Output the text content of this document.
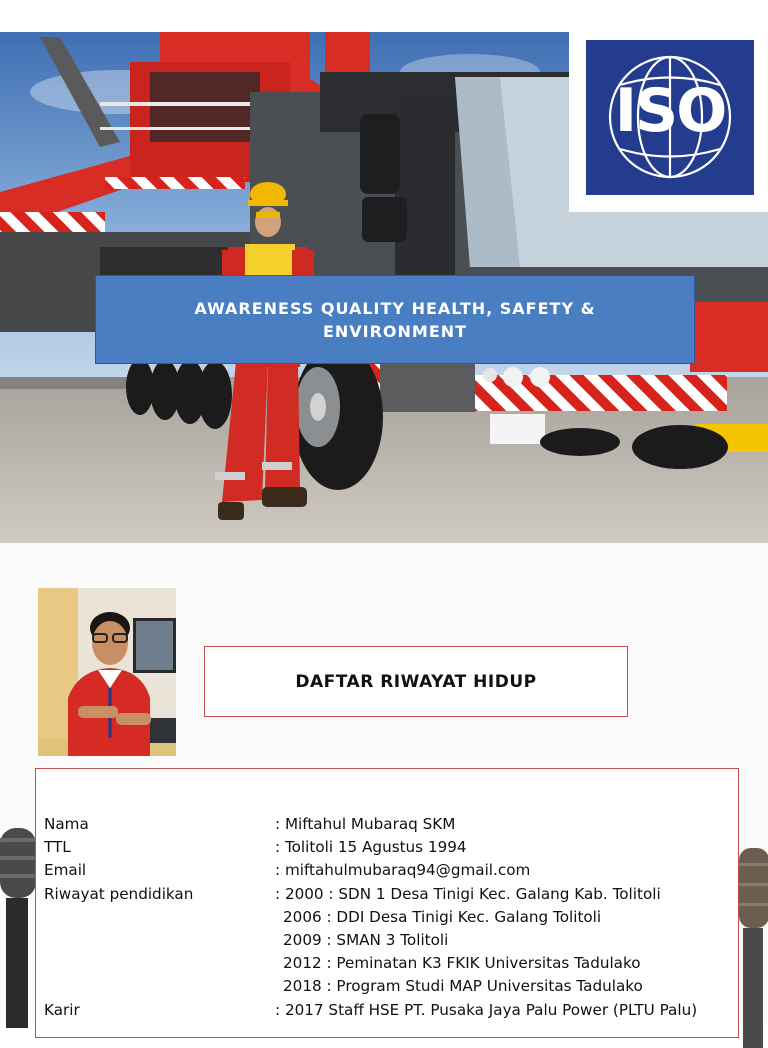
ISO
AWARENESS QUALITY HEALTH, SAFETY & ENVIRONMENT
DAFTAR RIWAYAT HIDUP
Nama	: Miftahul Mubaraq SKM
TTL	: Tolitoli 15 Agustus 1994
Email	: miftahulmubaraq94@gmail.com
Riwayat pendidikan	: 2000 : SDN 1 Desa Tinigi Kec. Galang Kab. Tolitoli
2006 : DDI Desa Tinigi Kec. Galang Tolitoli
2009 : SMAN 3 Tolitoli
2012 : Peminatan K3 FKIK Universitas Tadulako
2018 : Program Studi MAP Universitas Tadulako
Karir	: 2017 Staff HSE PT. Pusaka Jaya Palu Power (PLTU Palu)
